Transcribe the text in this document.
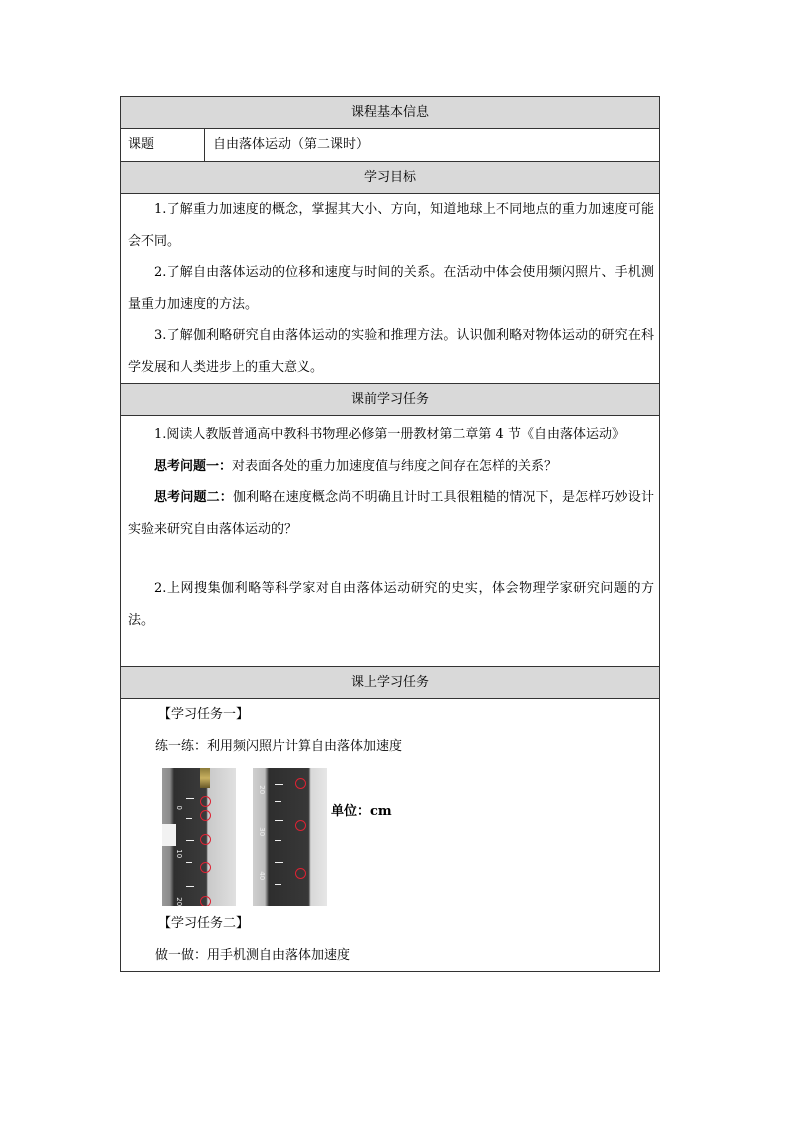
课程基本信息
课题	自由落体运动（第二课时）
学习目标

1.了解重力加速度的概念，掌握其大小、方向，知道地球上不同地点的重力加速度可能会不同。

2.了解自由落体运动的位移和速度与时间的关系。在活动中体会使用频闪照片、手机测量重力加速度的方法。

3.了解伽利略研究自由落体运动的实验和推理方法。认识伽利略对物体运动的研究在科学发展和人类进步上的重大意义。

课前学习任务

1.阅读人教版普通高中教科书物理必修第一册教材第二章第 4 节《自由落体运动》

思考问题一：对表面各处的重力加速度值与纬度之间存在怎样的关系？

思考问题二：伽利略在速度概念尚不明确且计时工具很粗糙的情况下，是怎样巧妙设计实验来研究自由落体运动的？

2.上网搜集伽利略等科学家对自由落体运动研究的史实，体会物理学家研究问题的方法。

课上学习任务

【学习任务一】

练一练：利用频闪照片计算自由落体加速度

0
10
20
20
30
40
单位：cm

【学习任务二】

做一做：用手机测自由落体加速度
